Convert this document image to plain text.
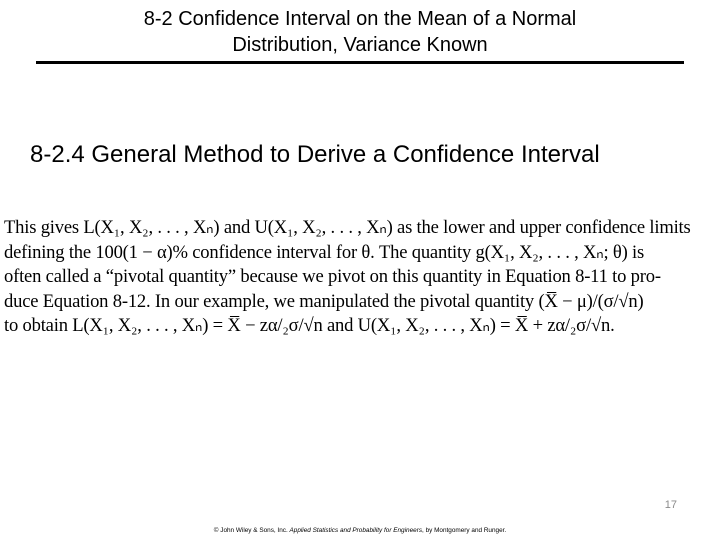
8-2 Confidence Interval on the Mean of a Normal
Distribution, Variance Known
8-2.4 General Method to Derive a Confidence Interval
This gives L(X₁, X₂, . . . , Xₙ) and U(X₁, X₂, . . . , Xₙ) as the lower and upper confidence limits
defining the 100(1 − α)% confidence interval for θ. The quantity g(X₁, X₂, . . . , Xₙ; θ) is
often called a “pivotal quantity” because we pivot on this quantity in Equation 8-11 to pro-
duce Equation 8-12. In our example, we manipulated the pivotal quantity (X̅ − μ)/(σ/√n)
to obtain L(X₁, X₂, . . . , Xₙ) = X̅ − zα/₂σ/√n and U(X₁, X₂, . . . , Xₙ) = X̅ + zα/₂σ/√n.
17
© John Wiley & Sons, Inc. Applied Statistics and Probability for Engineers, by Montgomery and Runger.
